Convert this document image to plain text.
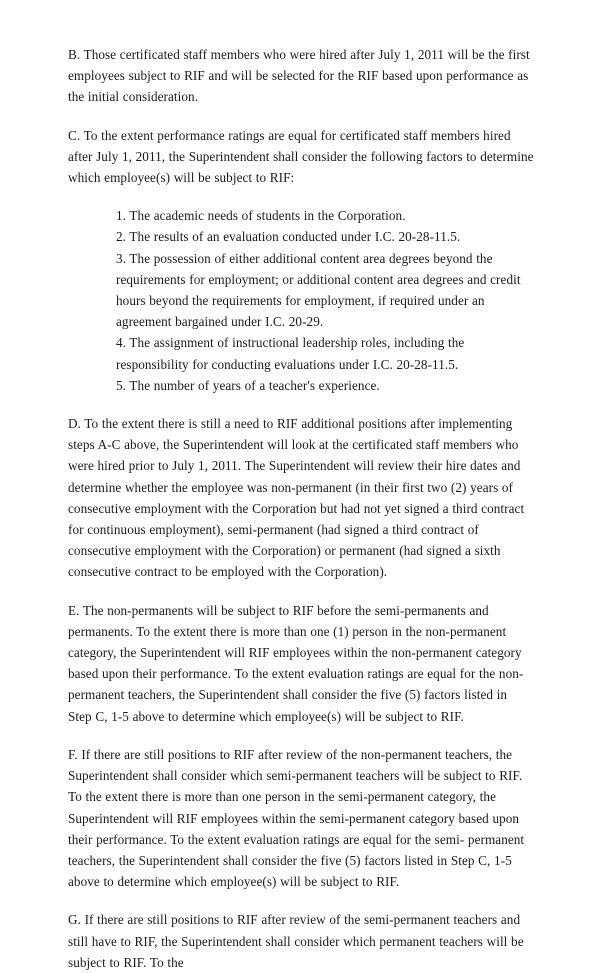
B. Those certificated staff members who were hired after July 1, 2011 will be the first employees subject to RIF and will be selected for the RIF based upon performance as the initial consideration.

C. To the extent performance ratings are equal for certificated staff members hired after July 1, 2011, the Superintendent shall consider the following factors to determine which employee(s) will be subject to RIF:

1. The academic needs of students in the Corporation.
2. The results of an evaluation conducted under I.C. 20-28-11.5.
3. The possession of either additional content area degrees beyond the requirements for employment; or additional content area degrees and credit hours beyond the requirements for employment, if required under an agreement bargained under I.C. 20-29.
4. The assignment of instructional leadership roles, including the responsibility for conducting evaluations under I.C. 20-28-11.5.
5. The number of years of a teacher's experience.

D. To the extent there is still a need to RIF additional positions after implementing steps A-C above, the Superintendent will look at the certificated staff members who were hired prior to July 1, 2011. The Superintendent will review their hire dates and determine whether the employee was non-permanent (in their first two (2) years of consecutive employment with the Corporation but had not yet signed a third contract for continuous employment), semi-permanent (had signed a third contract of consecutive employment with the Corporation) or permanent (had signed a sixth consecutive contract to be employed with the Corporation).

E. The non-permanents will be subject to RIF before the semi-permanents and permanents. To the extent there is more than one (1) person in the non-permanent category, the Superintendent will RIF employees within the non-permanent category based upon their performance. To the extent evaluation ratings are equal for the non- permanent teachers, the Superintendent shall consider the five (5) factors listed in Step C, 1-5 above to determine which employee(s) will be subject to RIF.

F. If there are still positions to RIF after review of the non-permanent teachers, the Superintendent shall consider which semi-permanent teachers will be subject to RIF. To the extent there is more than one person in the semi-permanent category, the Superintendent will RIF employees within the semi-permanent category based upon their performance. To the extent evaluation ratings are equal for the semi- permanent teachers, the Superintendent shall consider the five (5) factors listed in Step C, 1-5 above to determine which employee(s) will be subject to RIF.

G. If there are still positions to RIF after review of the semi-permanent teachers and still have to RIF, the Superintendent shall consider which permanent teachers will be subject to RIF. To the
